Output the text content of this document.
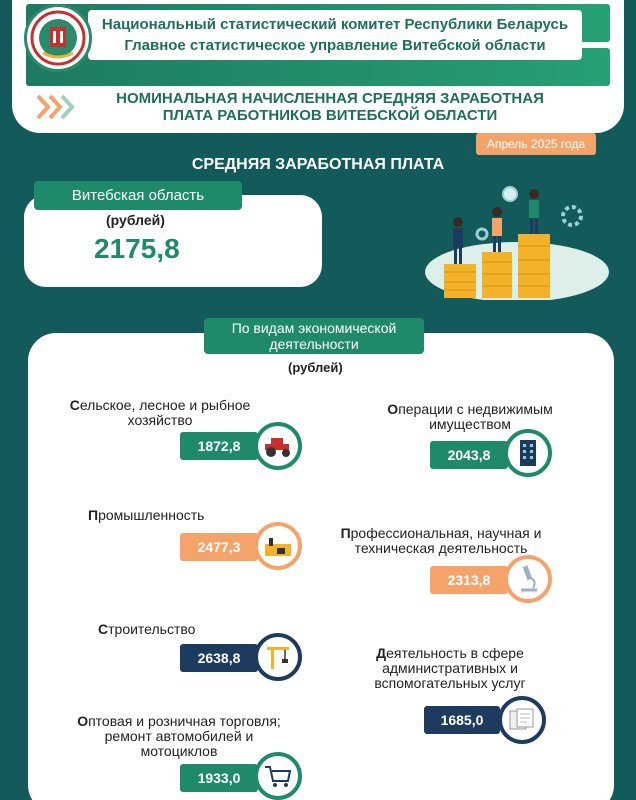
Национальный статистический комитет Республики Беларусь
Главное статистическое управление Витебской области
НОМИНАЛЬНАЯ НАЧИСЛЕННАЯ СРЕДНЯЯ ЗАРАБОТНАЯ
ПЛАТА РАБОТНИКОВ ВИТЕБСКОЙ ОБЛАСТИ
Апрель 2025 года
СРЕДНЯЯ ЗАРАБОТНАЯ ПЛАТА
Витебская область
(рублей)
2175,8
По видам экономической
деятельности
(рублей)
Сельское, лесное и рыбное
хозяйство
1872,8
Промышленность
2477,3
Строительство
2638,8
Оптовая и розничная торговля;
ремонт автомобилей и
мотоциклов
1933,0
Операции с недвижимым
имуществом
2043,8
Профессиональная, научная и
техническая деятельность
2313,8
Деятельность в сфере
административных и
вспомогательных услуг
1685,0
